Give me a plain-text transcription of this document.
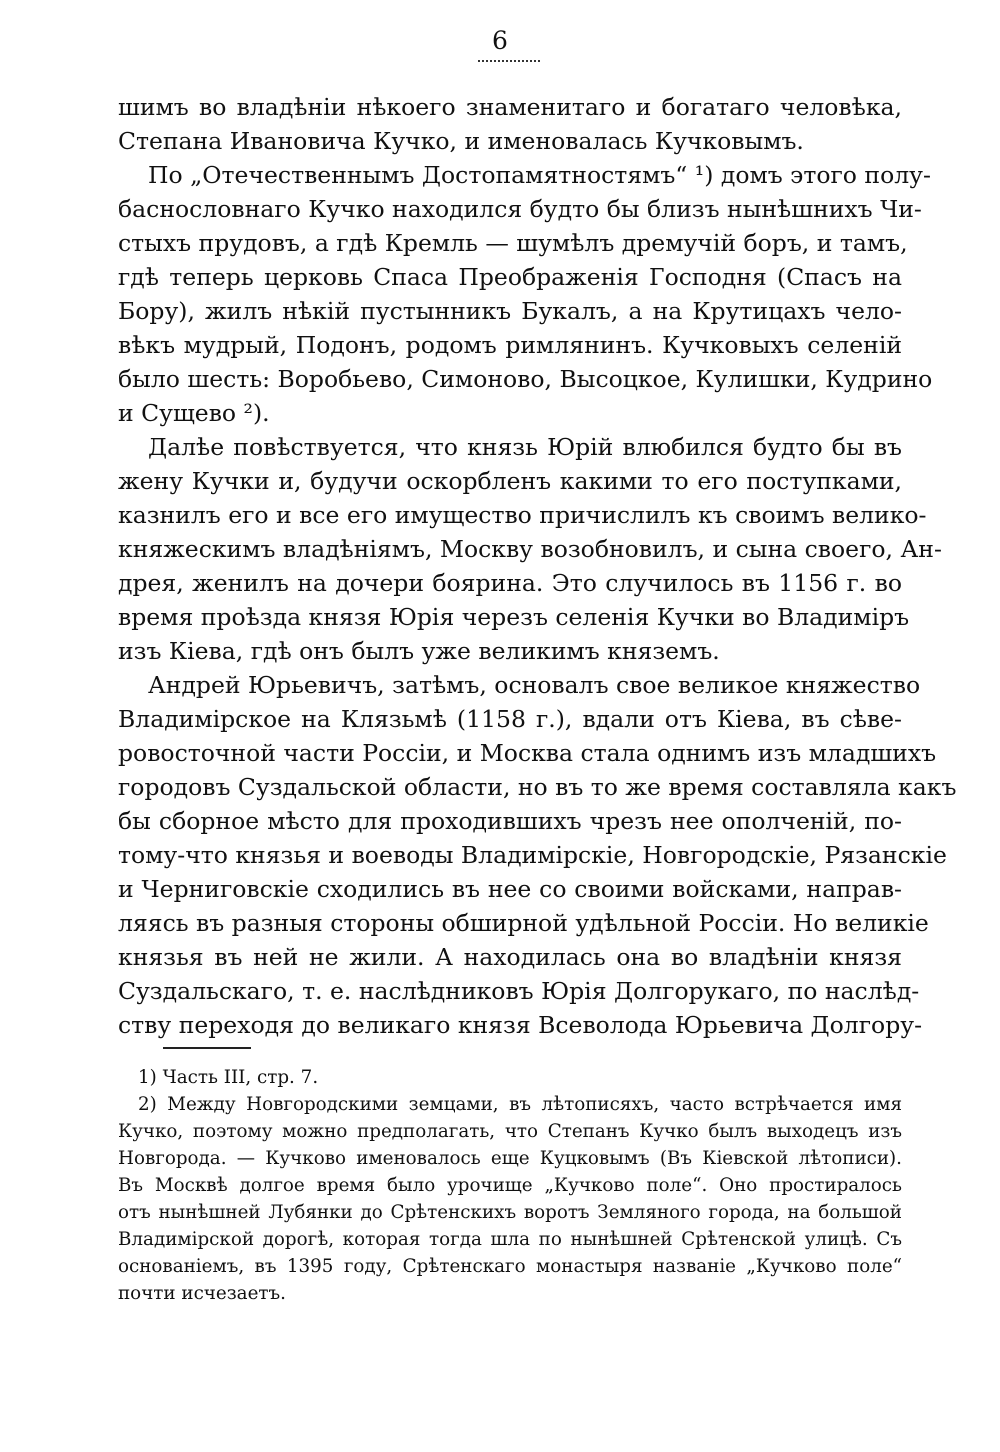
6
шимъ во владѣніи нѣкоего знаменитаго и богатаго человѣка,
Степана Ивановича Кучко, и именовалась Кучковымъ.
По „Отечественнымъ Достопамятностямъ“ ¹) домъ этого полу-
баснословнаго Кучко находился будто бы близъ нынѣшнихъ Чи-
стыхъ прудовъ, а гдѣ Кремль — шумѣлъ дремучій боръ, и тамъ,
гдѣ теперь церковь Спаса Преображенія Господня (Спасъ на
Бору), жилъ нѣкій пустынникъ Букалъ, а на Крутицахъ чело-
вѣкъ мудрый, Подонъ, родомъ римлянинъ. Кучковыхъ селеній
было шесть: Воробьево, Симоново, Высоцкое, Кулишки, Кудрино
и Сущево ²).
Далѣе повѣствуется, что князь Юрій влюбился будто бы въ
жену Кучки и, будучи оскорбленъ какими то его поступками,
казнилъ его и все его имущество причислилъ къ своимъ велико-
княжескимъ владѣніямъ, Москву возобновилъ, и сына своего, Ан-
дрея, женилъ на дочери боярина. Это случилось въ 1156 г. во
время проѣзда князя Юрія черезъ селенія Кучки во Владиміръ
изъ Кіева, гдѣ онъ былъ уже великимъ княземъ.
Андрей Юрьевичъ, затѣмъ, основалъ свое великое княжество
Владимірское на Клязьмѣ (1158 г.), вдали отъ Кіева, въ сѣве-
ровосточной части Россіи, и Москва стала однимъ изъ младшихъ
городовъ Суздальской области, но въ то же время составляла какъ
бы сборное мѣсто для проходившихъ чрезъ нее ополченій, по-
тому-что князья и воеводы Владимірскіе, Новгородскіе, Рязанскіе
и Черниговскіе сходились въ нее со своими войсками, направ-
ляясь въ разныя стороны обширной удѣльной Россіи. Но великіе
князья въ ней не жили. А находилась она во владѣніи князя
Суздальскаго, т. е. наслѣдниковъ Юрія Долгорукаго, по наслѣд-
ству переходя до великаго князя Всеволода Юрьевича Долгору-
1) Часть III, стр. 7.
2) Между Новгородскими земцами, въ лѣтописяхъ, часто встрѣчается имя
Кучко, поэтому можно предполагать, что Степанъ Кучко былъ выходецъ изъ
Новгорода. — Кучково именовалось еще Куцковымъ (Въ Кіевской лѣтописи).
Въ Москвѣ долгое время было урочище „Кучково поле“. Оно простиралось
отъ нынѣшней Лубянки до Срѣтенскихъ воротъ Земляного города, на большой
Владимірской дорогѣ, которая тогда шла по нынѣшней Срѣтенской улицѣ. Съ
основаніемъ, въ 1395 году, Срѣтенскаго монастыря названіе „Кучково поле“
почти исчезаетъ.
